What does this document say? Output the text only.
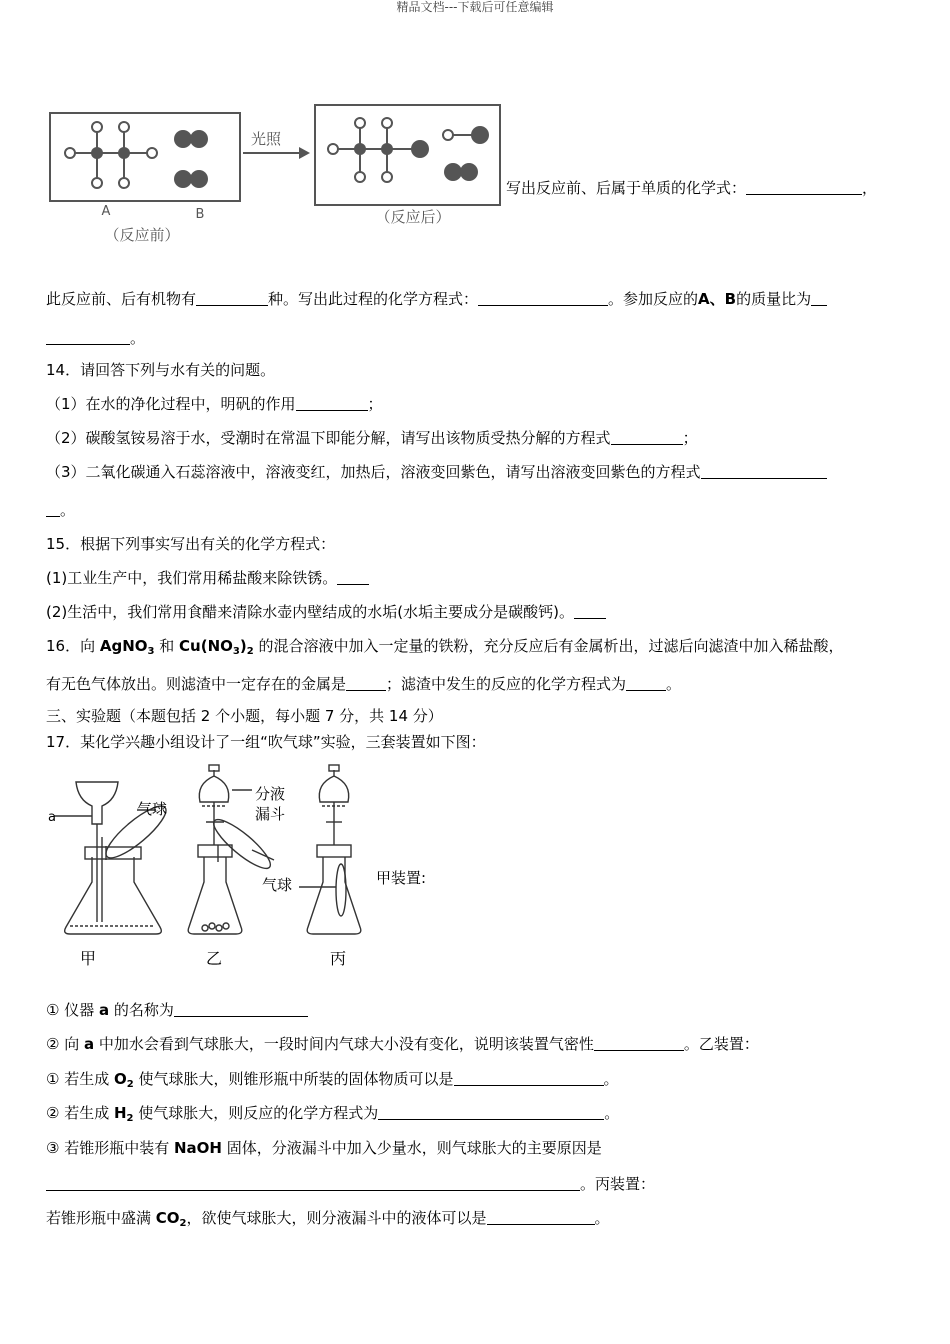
精品文档---下载后可任意编辑
A	B
（反应前）
光照
（反应后）
写出反应前、后属于单质的化学式：	，
此反应前、后有机物有	种。写出此过程的化学方程式：	。参加反应的A、B的质量比为
。
14．请回答下列与水有关的问题。
（1）在水的净化过程中，明矾的作用	；
（2）碳酸氢铵易溶于水，受潮时在常温下即能分解，请写出该物质受热分解的方程式	；
（3）二氧化碳通入石蕊溶液中，溶液变红，加热后，溶液变回紫色，请写出溶液变回紫色的方程式
。
15．根据下列事实写出有关的化学方程式：
(1)工业生产中，我们常用稀盐酸来除铁锈。
(2)生活中，我们常用食醋来清除水壶内壁结成的水垢(水垢主要成分是碳酸钙)。
16．向 AgNO$_3$ 和 $Cu(NO_3)_2$ 的混合溶液中加入一定量的铁粉，充分反应后有金属析出，过滤后向滤渣中加入稀盐酸，
有无色气体放出。则滤渣中一定存在的金属是	；滤渣中发生的反应的化学方程式为	。
三、实验题（本题包括 2 个小题，每小题 7 分，共 14 分）
17．某化学兴趣小组设计了一组“吹气球”实验，三套装置如下图：
a	气球
分液
漏斗
气球
甲	乙	丙
甲装置:
① 仪器 a 的名称为
② 向 a 中加水会看到气球胀大，一段时间内气球大小没有变化，说明该装置气密性	。乙装置：
① 若生成 $O_2$ 使气球胀大，则锥形瓶中所装的固体物质可以是	。
② 若生成 $H_2$ 使气球胀大，则反应的化学方程式为	。
③ 若锥形瓶中装有 NaOH 固体，分液漏斗中加入少量水，则气球胀大的主要原因是
。丙装置：
若锥形瓶中盛满 $CO_2$，欲使气球胀大，则分液漏斗中的液体可以是	。
